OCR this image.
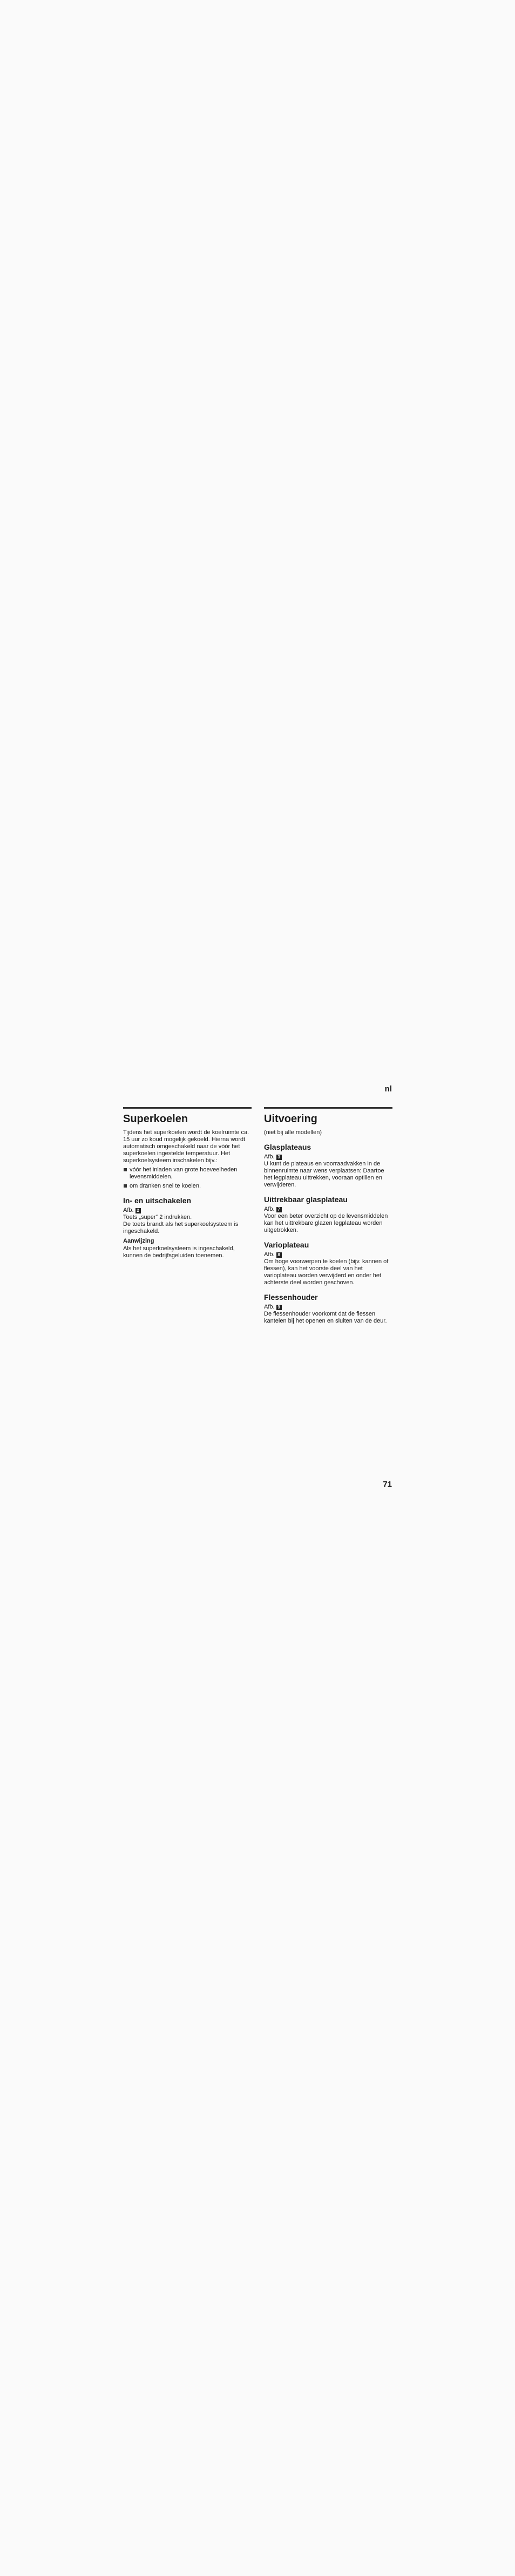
nl
Superkoelen

Tijdens het superkoelen wordt de koelruimte ca. 15 uur zo koud mogelijk gekoeld. Hierna wordt automatisch omgeschakeld naar de vóór het superkoelen ingestelde temperatuur. Het superkoelsysteem inschakelen bijv.:

vóór het inladen van grote hoeveelheden levensmiddelen.
om dranken snel te koelen.
In- en uitschakelen
Afb. 2

Toets „super“ 2 indrukken.

De toets brandt als het superkoelsysteem is ingeschakeld.

Aanwijzing

Als het superkoelsysteem is ingeschakeld, kunnen de bedrijfsgeluiden toenemen.

Uitvoering

(niet bij alle modellen)

Glasplateaus
Afb. 3

U kunt de plateaus en voorraadvakken in de binnenruimte naar wens verplaatsen: Daartoe het legplateau uittrekken, vooraan optillen en verwijderen.

Uittrekbaar glasplateau
Afb. 7

Voor een beter overzicht op de levensmiddelen kan het uittrekbare glazen legplateau worden uitgetrokken.

Varioplateau
Afb. 8

Om hoge voorwerpen te koelen (bijv. kannen of flessen), kan het voorste deel van het varioplateau worden verwijderd en onder het achterste deel worden geschoven.

Flessenhouder
Afb. 9

De flessenhouder voorkomt dat de flessen kantelen bij het openen en sluiten van de deur.

71
